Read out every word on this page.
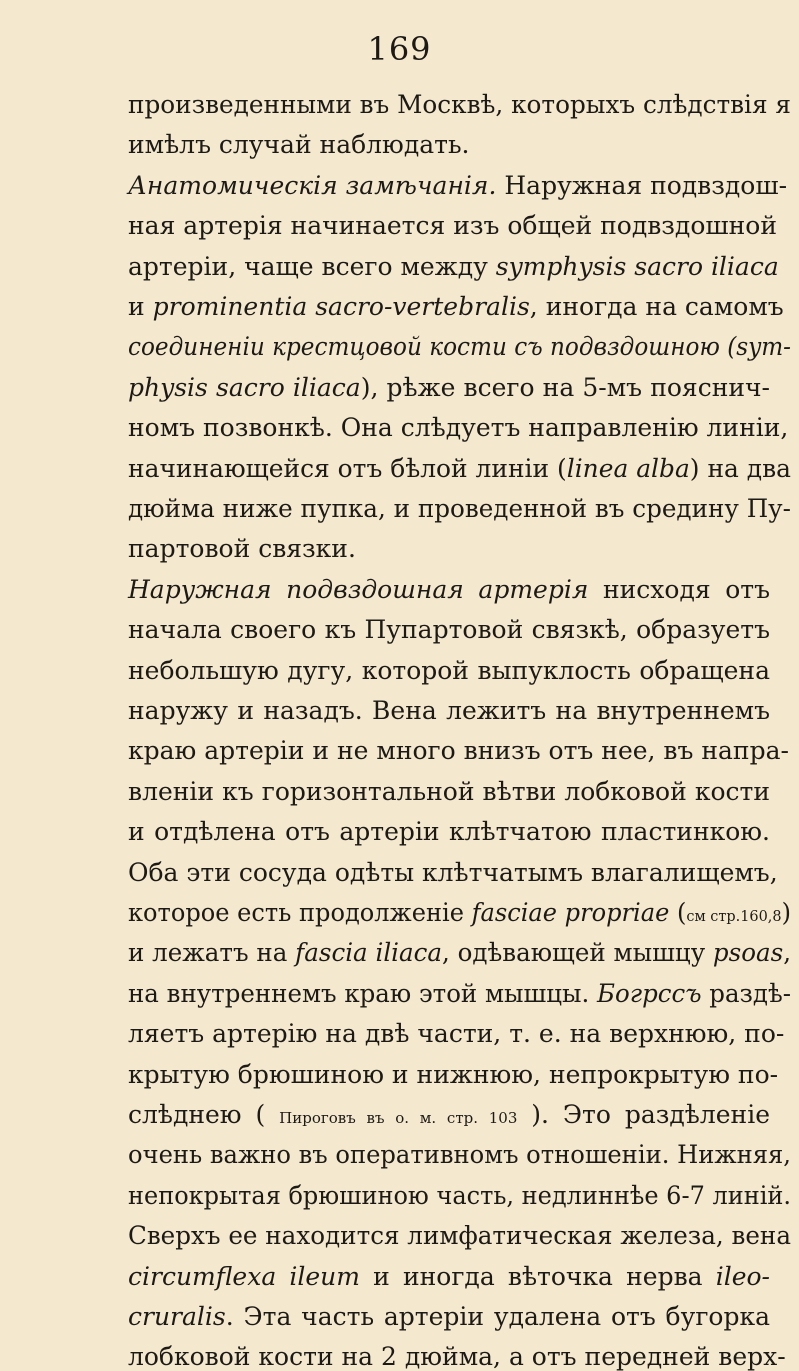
169
произведенными въ Москвѣ, которыхъ слѣдствія я
имѣлъ случай наблюдать.
Анатомическія замѣчанія. Наружная подвздош-
ная артерія начинается изъ общей подвздошной
артеріи, чаще всего между symphysis sacro iliaca
и prominentia sacro-vertebralis, иногда на самомъ
соединеніи крестцовой кости съ подвздошною (sym-
physis sacro iliaca), рѣже всего на 5-мъ пояснич-
номъ позвонкѣ. Она слѣдуетъ направленію линіи,
начинающейся отъ бѣлой линіи (linea alba) на два
дюйма ниже пупка, и проведенной въ средину Пу-
партовой связки.
Наружная подвздошная артерія нисходя отъ
начала своего къ Пупартовой связкѣ, образуетъ
небольшую дугу, которой выпуклость обращена
наружу и назадъ. Вена лежитъ на внутреннемъ
краю артеріи и не много внизъ отъ нее, въ напра-
вленіи къ горизонтальной вѣтви лобковой кости
и отдѣлена отъ артеріи клѣтчатою пластинкою.
Оба эти сосуда одѣты клѣтчатымъ влагалищемъ,
которое есть продолженіе fasciae propriae (см стр.160,8)
и лежатъ на fascia iliaca, одѣвающей мышцу psoas,
на внутреннемъ краю этой мышцы. Богрссъ раздѣ-
ляетъ артерію на двѣ части, т. е. на верхнюю, по-
крытую брюшиною и нижнюю, непрокрытую по-
слѣднею ( Пироговъ въ о. м. стр. 103 ). Это раздѣленіе
очень важно въ оперативномъ отношеніи. Нижняя,
непокрытая брюшиною часть, недлиннѣе 6-7 линій.
Сверхъ ее находится лимфатическая железа, вена
circumflexa ileum и иногда вѣточка нерва ileo-
cruralis. Эта часть артеріи удалена отъ бугорка
лобковой кости на 2 дюйма, а отъ передней верх-
